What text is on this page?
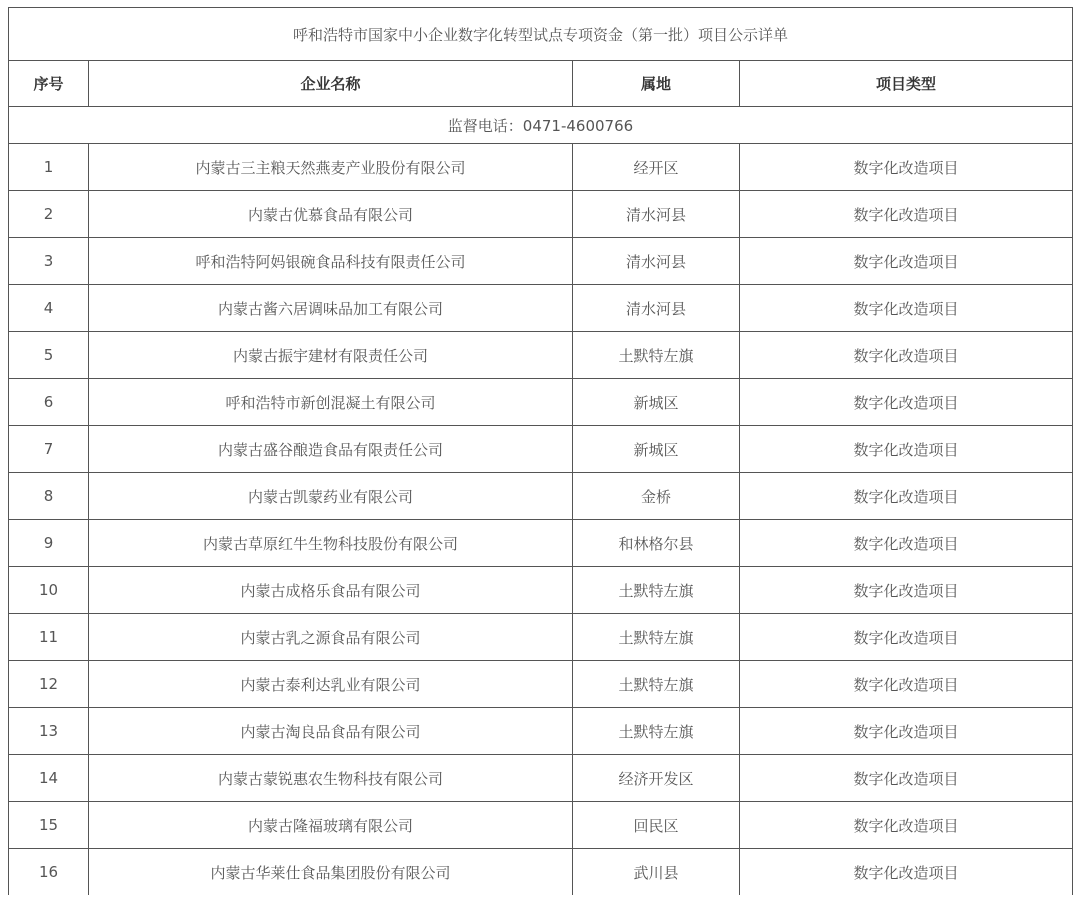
呼和浩特市国家中小企业数字化转型试点专项资金（第一批）项目公示详单			
序号	企业名称	属地	项目类型
监督电话：0471-4600766			
1	内蒙古三主粮天然燕麦产业股份有限公司	经开区	数字化改造项目
2	内蒙古优慕食品有限公司	清水河县	数字化改造项目
3	呼和浩特阿妈银碗食品科技有限责任公司	清水河县	数字化改造项目
4	内蒙古酱六居调味品加工有限公司	清水河县	数字化改造项目
5	内蒙古振宇建材有限责任公司	土默特左旗	数字化改造项目
6	呼和浩特市新创混凝土有限公司	新城区	数字化改造项目
7	内蒙古盛谷酿造食品有限责任公司	新城区	数字化改造项目
8	内蒙古凯蒙药业有限公司	金桥	数字化改造项目
9	内蒙古草原红牛生物科技股份有限公司	和林格尔县	数字化改造项目
10	内蒙古成格乐食品有限公司	土默特左旗	数字化改造项目
11	内蒙古乳之源食品有限公司	土默特左旗	数字化改造项目
12	内蒙古泰利达乳业有限公司	土默特左旗	数字化改造项目
13	内蒙古淘良品食品有限公司	土默特左旗	数字化改造项目
14	内蒙古蒙锐惠农生物科技有限公司	经济开发区	数字化改造项目
15	内蒙古隆福玻璃有限公司	回民区	数字化改造项目
16	内蒙古华莱仕食品集团股份有限公司	武川县	数字化改造项目
